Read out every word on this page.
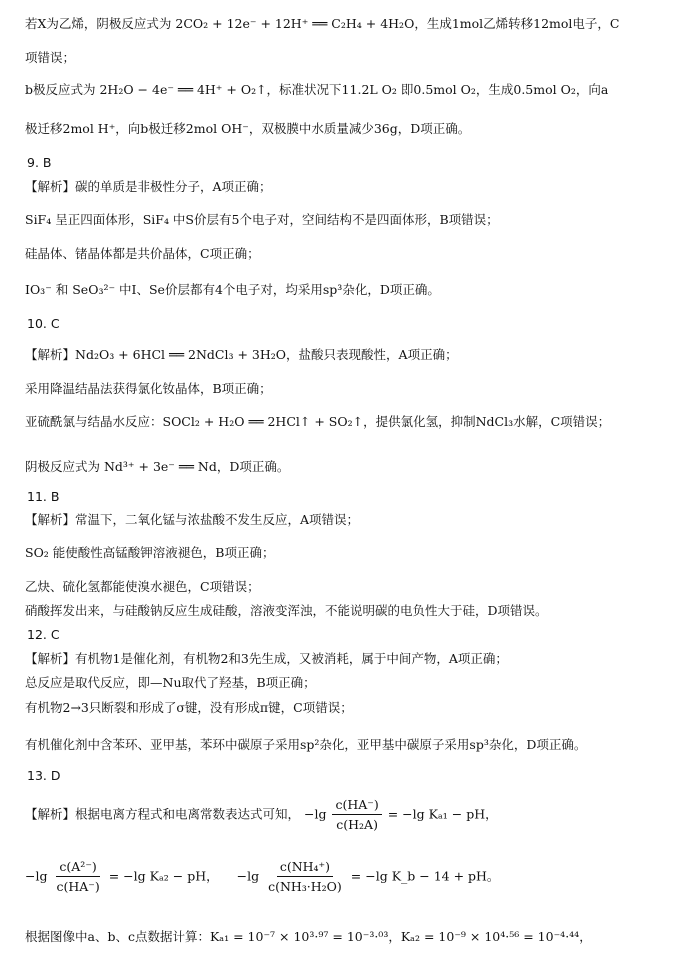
若X为乙烯，阴极反应式为 2CO₂ + 12e⁻ + 12H⁺ ══ C₂H₄ + 4H₂O，生成1mol乙烯转移12mol电子，C
项错误；
b极反应式为 2H₂O − 4e⁻ ══ 4H⁺ + O₂↑，标准状况下11.2L O₂ 即0.5mol O₂，生成0.5mol O₂，向a
极迁移2mol H⁺，向b极迁移2mol OH⁻，双极膜中水质量减少36g，D项正确。
9. B
【解析】碳的单质是非极性分子，A项正确；
SiF₄ 呈正四面体形，SiF₄ 中S价层有5个电子对，空间结构不是四面体形，B项错误；
硅晶体、锗晶体都是共价晶体，C项正确；
IO₃⁻ 和 SeO₃²⁻ 中I、Se价层都有4个电子对，均采用sp³杂化，D项正确。
10. C
【解析】Nd₂O₃ + 6HCl ══ 2NdCl₃ + 3H₂O，盐酸只表现酸性，A项正确；
采用降温结晶法获得氯化钕晶体，B项正确；
亚硫酰氯与结晶水反应：SOCl₂ + H₂O ══ 2HCl↑ + SO₂↑，提供氯化氢，抑制NdCl₃水解，C项错误；
阴极反应式为 Nd³⁺ + 3e⁻ ══ Nd，D项正确。
11. B
【解析】常温下，二氧化锰与浓盐酸不发生反应，A项错误；
SO₂ 能使酸性高锰酸钾溶液褪色，B项正确；
乙炔、硫化氢都能使溴水褪色，C项错误；
硝酸挥发出来，与硅酸钠反应生成硅酸，溶液变浑浊，不能说明碳的电负性大于硅，D项错误。
12. C
【解析】有机物1是催化剂，有机物2和3先生成，又被消耗，属于中间产物，A项正确；
总反应是取代反应，即—Nu取代了羟基，B项正确；
有机物2→3只断裂和形成了σ键，没有形成π键，C项错误；
有机催化剂中含苯环、亚甲基，苯环中碳原子采用sp²杂化，亚甲基中碳原子采用sp³杂化，D项正确。
13. D
【解析】根据电离方程式和电离常数表达式可知， $-\lg \frac{c(HA^-)}{\text{c(H₂A)}} = -\lg$ Kₐ₁ − pH，
$-\lg \frac{\text{c(A²⁻)}}{c(HA^-)} = -\lg$ Kₐ₂ − pH， $-\lg \frac{\text{c(NH₄⁺)}}{\text{c(NH₃·H₂O)}} = -\lg$ K_b − 14 + pH。
根据图像中a、b、c点数据计算：Kₐ₁ = 10⁻⁷ × 10³·⁹⁷ = 10⁻³·⁰³，Kₐ₂ = 10⁻⁹ × 10⁴·⁵⁶ = 10⁻⁴·⁴⁴，
